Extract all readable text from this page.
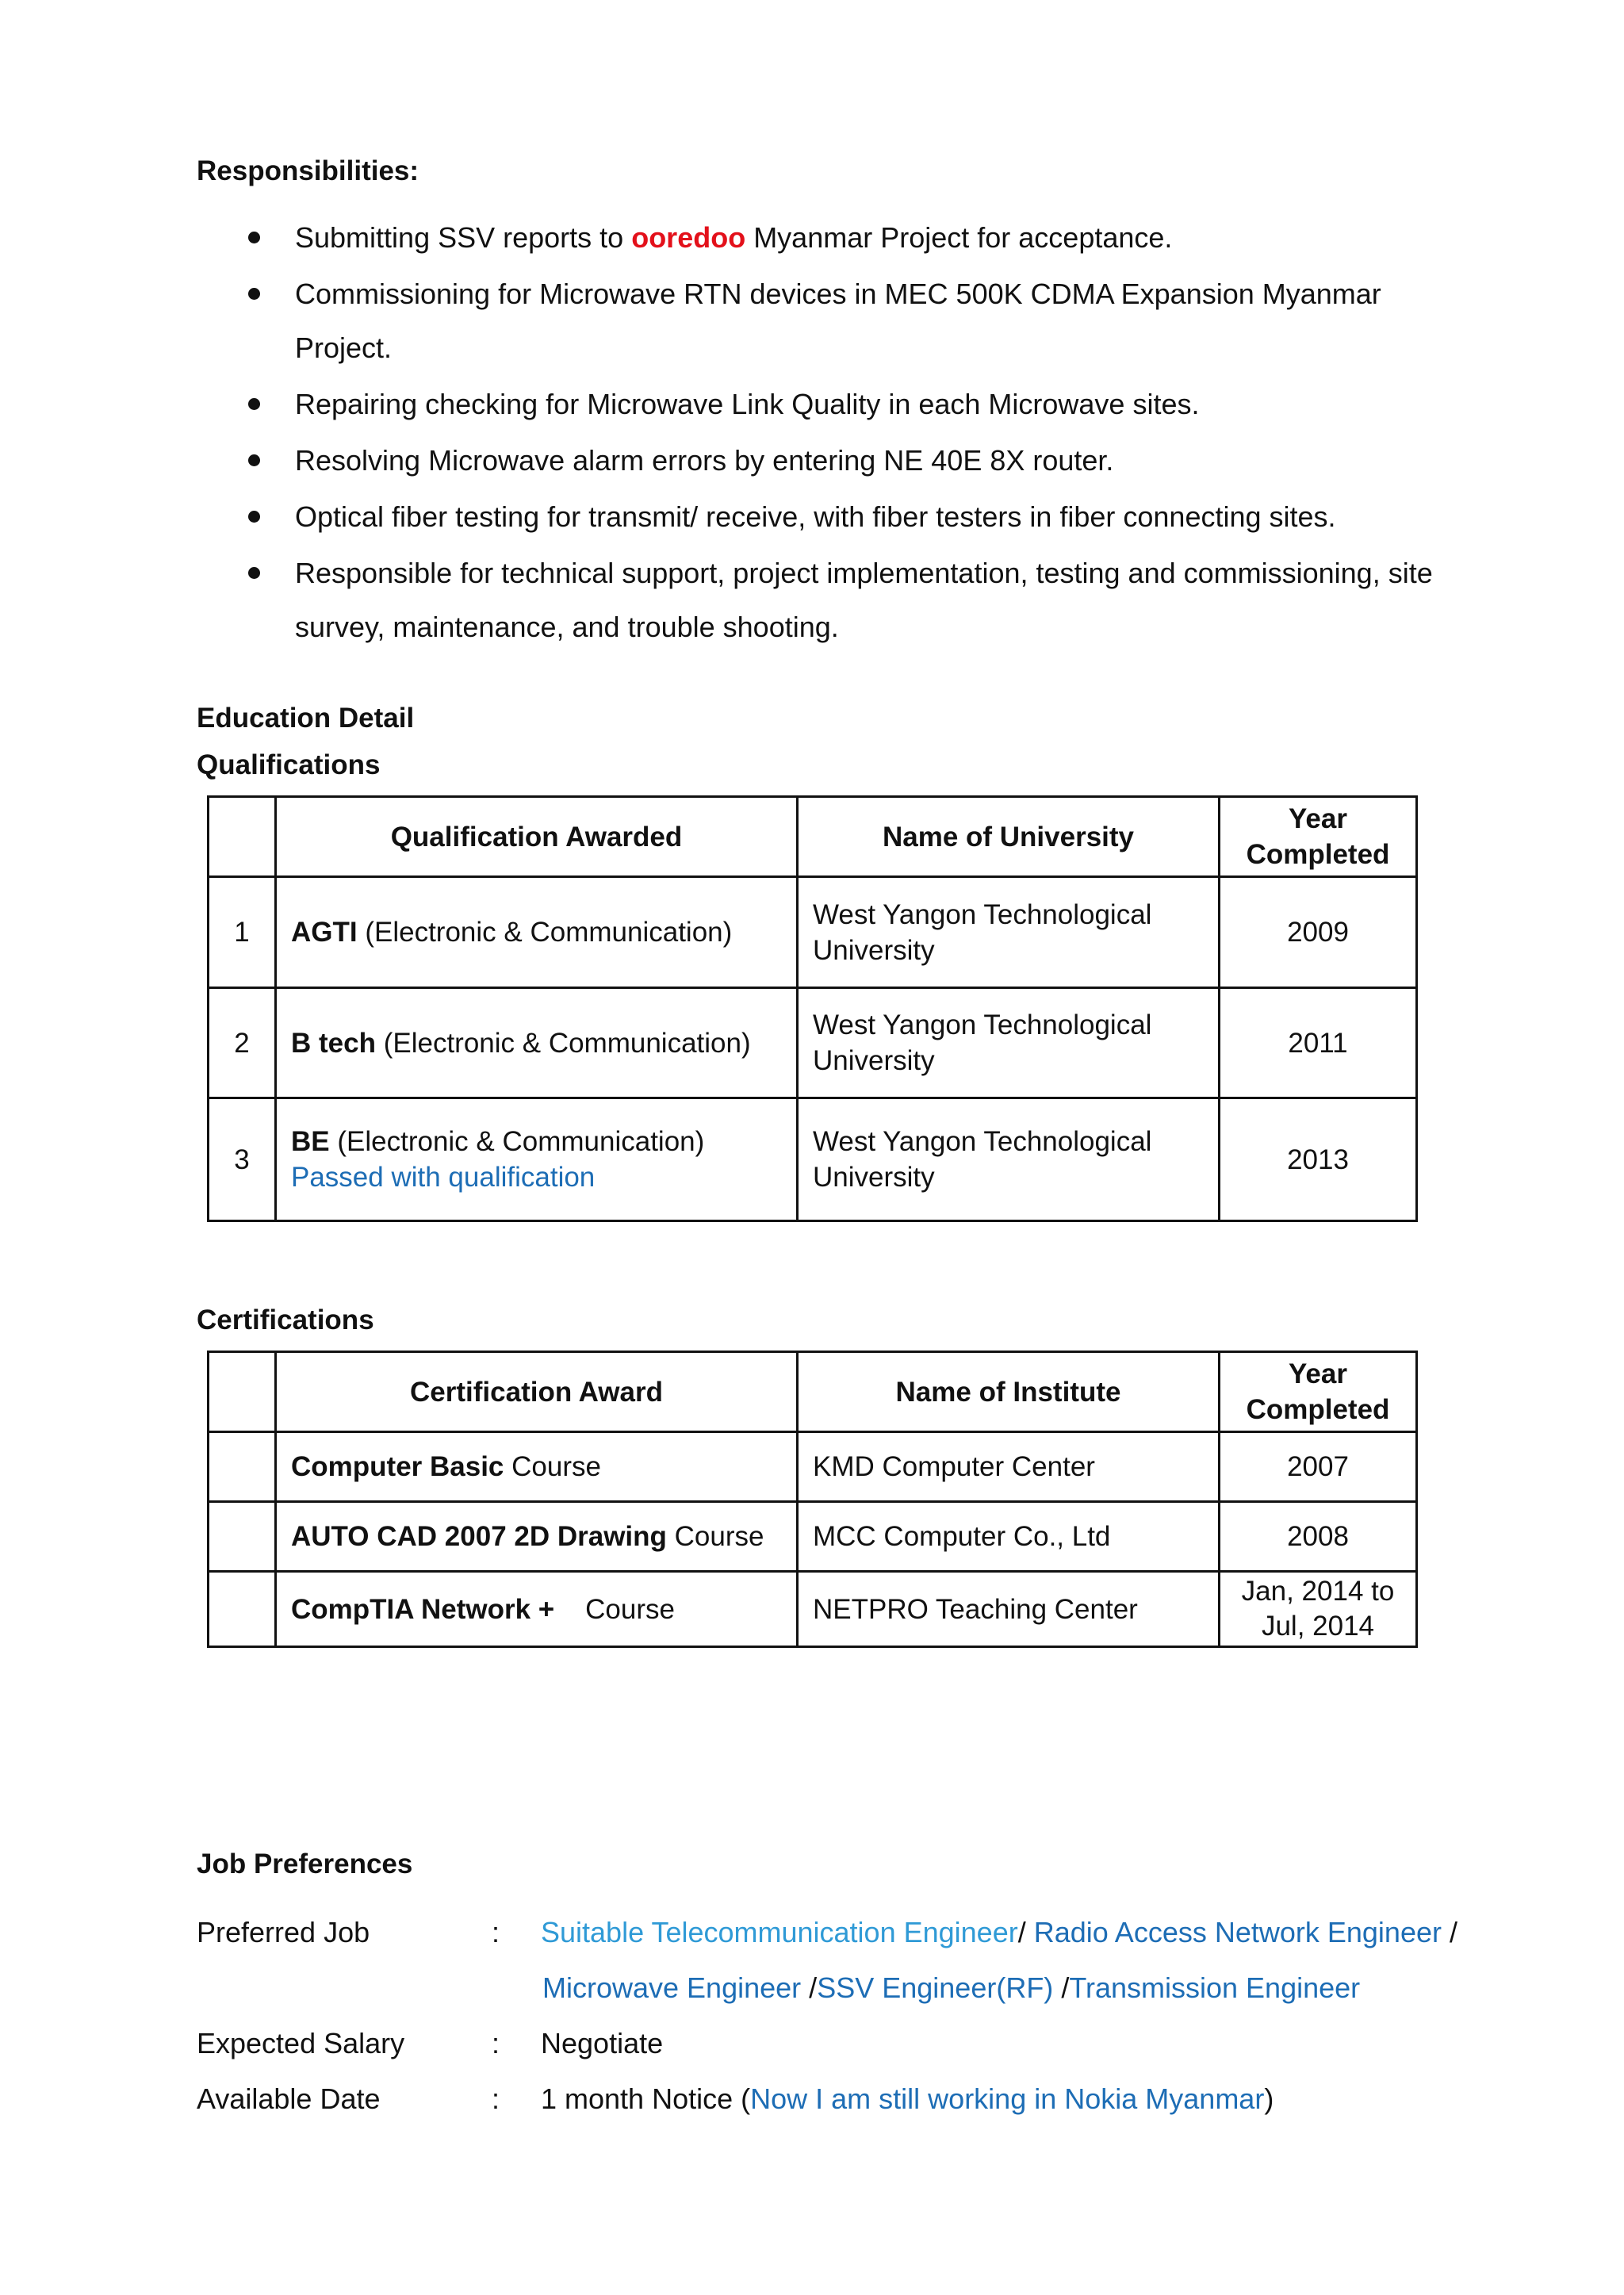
Responsibilities:
Submitting SSV reports to ooredoo Myanmar Project for acceptance.
Commissioning for Microwave RTN devices in MEC 500K CDMA Expansion Myanmar Project.
Repairing checking for Microwave Link Quality in each Microwave sites.
Resolving Microwave alarm errors by entering NE 40E 8X router.
Optical fiber testing for transmit/ receive, with fiber testers in fiber connecting sites.
Responsible for technical support, project implementation, testing and commissioning, site survey, maintenance, and trouble shooting.
Education Detail
Qualifications
	Qualification Awarded	Name of University	Year Completed
1	AGTI (Electronic & Communication)	West Yangon Technological University	2009
2	B tech (Electronic & Communication)	West Yangon Technological University	2011
3	BE (Electronic & Communication)
Passed with qualification	West Yangon Technological University	2013
Certifications
	Certification Award	Name of Institute	Year Completed
	Computer Basic Course	KMD Computer Center	2007
	AUTO CAD 2007 2D Drawing Course	MCC Computer Co., Ltd	2008
	CompTIA Network + Course	NETPRO Teaching Center	Jan, 2014 to Jul, 2014
Job Preferences
Preferred Job	: Suitable Telecommunication Engineer/ Radio Access Network Engineer /
Microwave Engineer /SSV Engineer(RF) /Transmission Engineer
Expected Salary	: Negotiate
Available Date	: 1 month Notice (Now I am still working in Nokia Myanmar)
